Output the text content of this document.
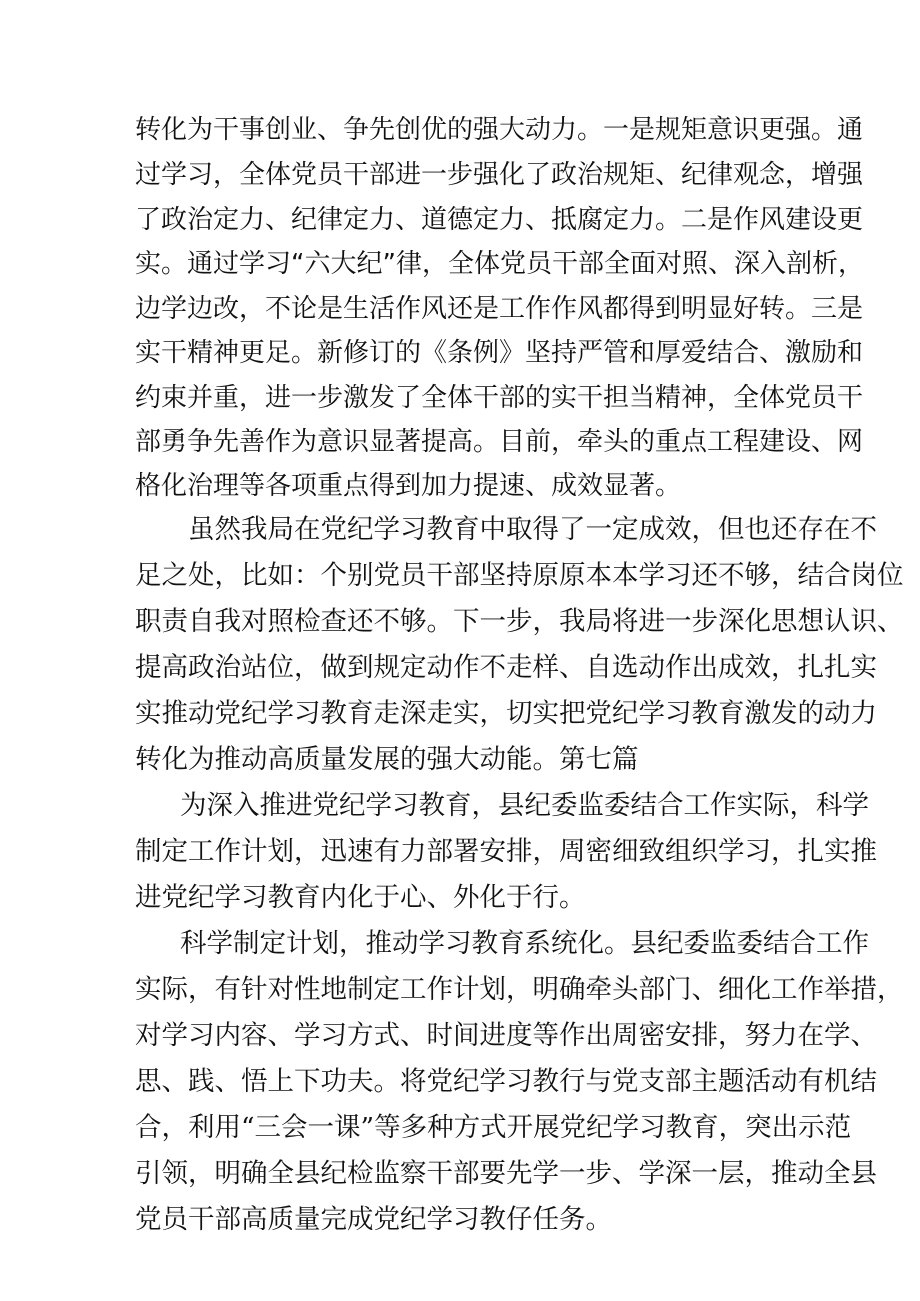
转化为干事创业、争先创优的强大动力。一是规矩意识更强。通
过学习，全体党员干部进一步强化了政治规矩、纪律观念，增强
了政治定力、纪律定力、道德定力、抵腐定力。二是作风建设更
实。通过学习“六大纪”律，全体党员干部全面对照、深入剖析，
边学边改，不论是生活作风还是工作作风都得到明显好转。三是
实干精神更足。新修订的《条例》坚持严管和厚爱结合、激励和
约束并重，进一步激发了全体干部的实干担当精神，全体党员干
部勇争先善作为意识显著提高。目前，牵头的重点工程建设、网
格化治理等各项重点得到加力提速、成效显著。
虽然我局在党纪学习教育中取得了一定成效，但也还存在不
足之处，比如：个别党员干部坚持原原本本学习还不够，结合岗位
职责自我对照检查还不够。下一步，我局将进一步深化思想认识、
提高政治站位，做到规定动作不走样、自选动作出成效，扎扎实
实推动党纪学习教育走深走实，切实把党纪学习教育激发的动力
转化为推动高质量发展的强大动能。第七篇
为深入推进党纪学习教育，县纪委监委结合工作实际，科学
制定工作计划，迅速有力部署安排，周密细致组织学习，扎实推
进党纪学习教育内化于心、外化于行。
科学制定计划，推动学习教育系统化。县纪委监委结合工作
实际，有针对性地制定工作计划，明确牵头部门、细化工作举措，
对学习内容、学习方式、时间进度等作出周密安排，努力在学、
思、践、悟上下功夫。将党纪学习教行与党支部主题活动有机结
合，利用“三会一课”等多种方式开展党纪学习教育，突出示范
引领，明确全县纪检监察干部要先学一步、学深一层，推动全县
党员干部高质量完成党纪学习教仔任务。
